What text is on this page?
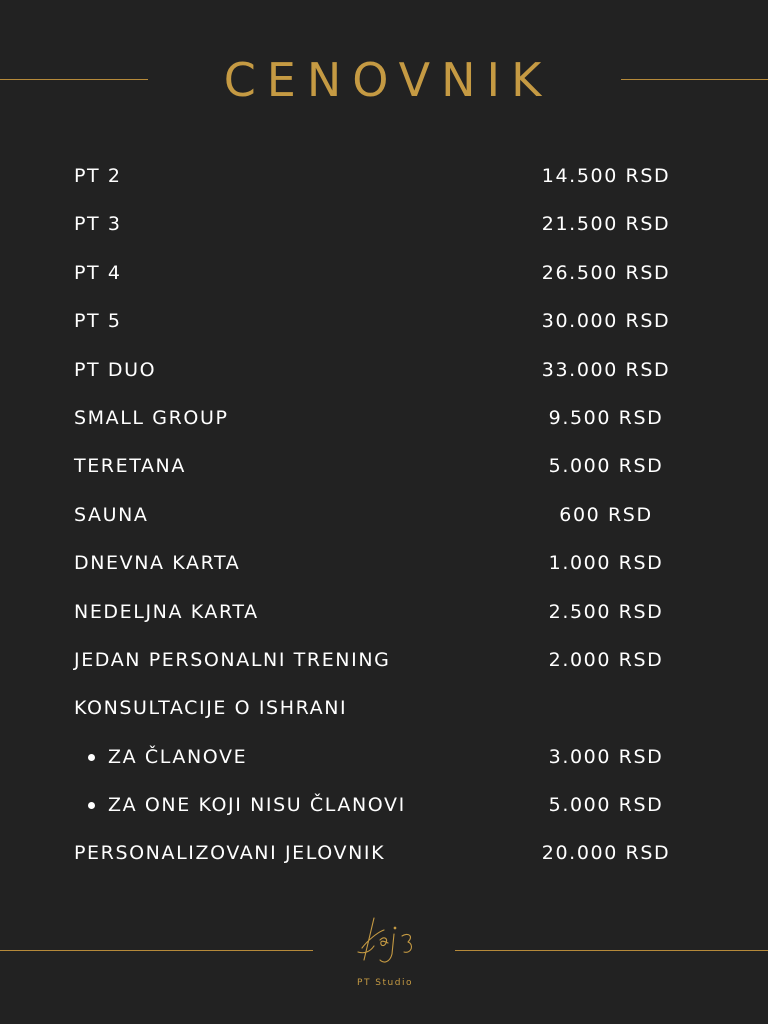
CENOVNIK
PT 2	14.500 RSD
PT 3	21.500 RSD
PT 4	26.500 RSD
PT 5	30.000 RSD
PT DUO	33.000 RSD
SMALL GROUP	9.500 RSD
TERETANA	5.000 RSD
SAUNA	600 RSD
DNEVNA KARTA	1.000 RSD
NEDELJNA KARTA	2.500 RSD
JEDAN PERSONALNI TRENING	2.000 RSD
KONSULTACIJE O ISHRANI
ZA ČLANOVE	3.000 RSD
ZA ONE KOJI NISU ČLANOVI	5.000 RSD
PERSONALIZOVANI JELOVNIK	20.000 RSD
PT Studio
